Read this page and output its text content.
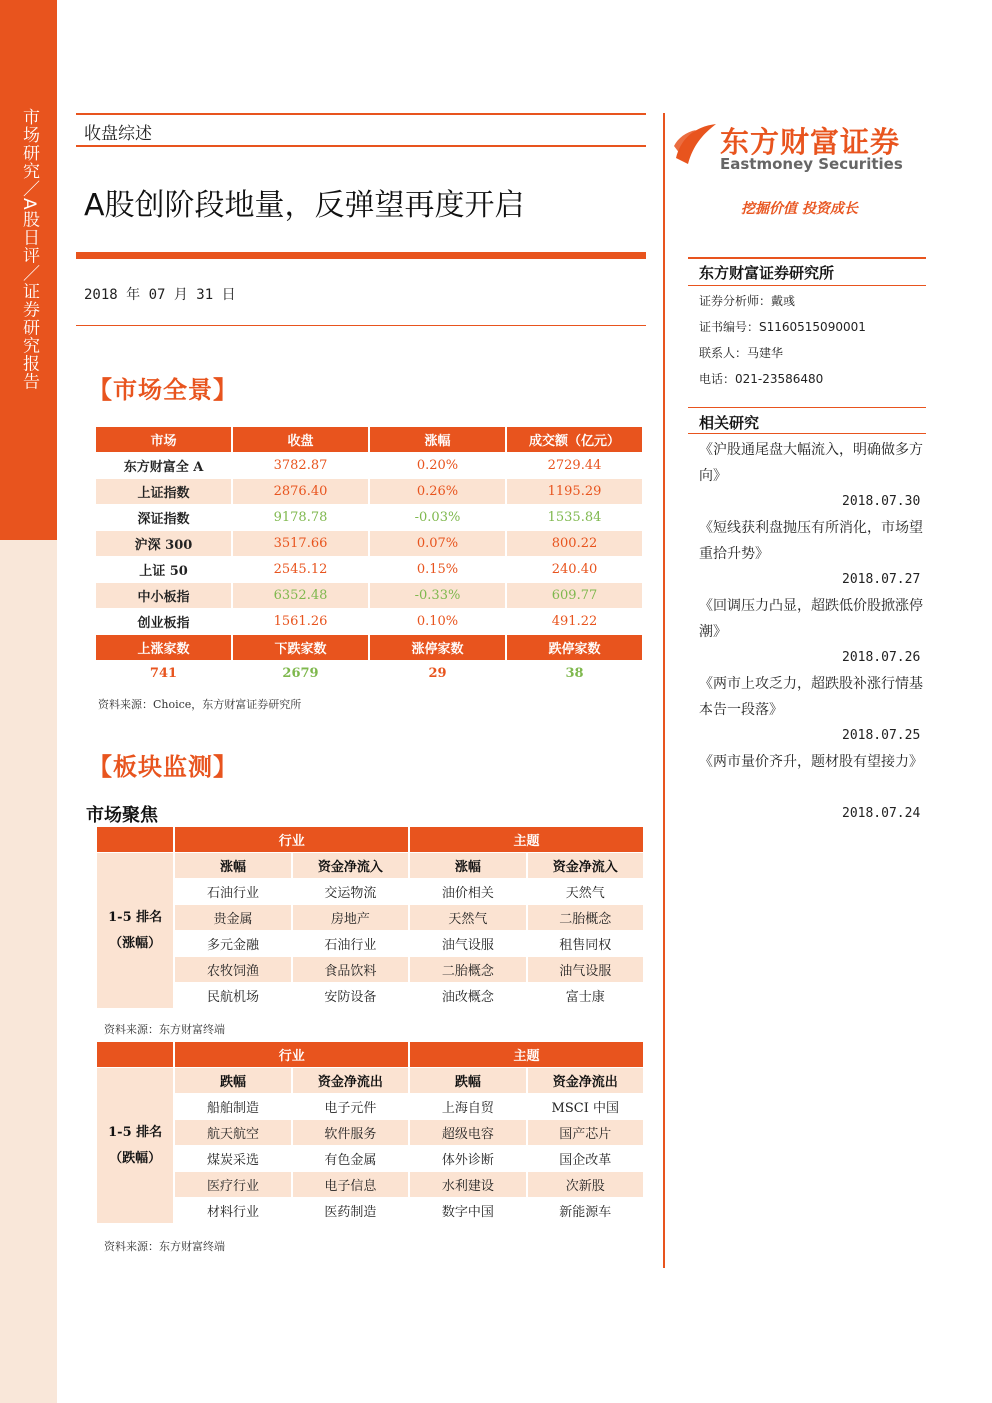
市场研究／A股日评／证券研究报告	收盘综述
A股创阶段地量，反弹望再度开启
2018 年 07 月 31 日
东方财富证券
Eastmoney Securities
挖掘价值 投资成长
东方财富证券研究所
证券分析师：戴彧
证书编号：S1160515090001
联系人：马建华
电话：021-23586480
相关研究
《沪股通尾盘大幅流入，明确做多方向》
2018.07.30
《短线获利盘抛压有所消化，市场望重拾升势》
2018.07.27
《回调压力凸显，超跌低价股掀涨停潮》
2018.07.26
《两市上攻乏力，超跌股补涨行情基本告一段落》
2018.07.25
《两市量价齐升，题材股有望接力》
2018.07.24
【市场全景】
市场	收盘	涨幅	成交额（亿元）
东方财富全 A	3782.87	0.20%	2729.44
上证指数	2876.40	0.26%	1195.29
深证指数	9178.78	-0.03%	1535.84
沪深 300	3517.66	0.07%	800.22
上证 50	2545.12	0.15%	240.40
中小板指	6352.48	-0.33%	609.77
创业板指	1561.26	0.10%	491.22
上涨家数	下跌家数	涨停家数	跌停家数
741	2679	29	38
资料来源：Choice，东方财富证券研究所
【板块监测】
市场聚焦
	行业		主题	

1-5 排名
（涨幅）	涨幅	资金净流入	涨幅	资金净流入
	石油行业	交运物流	油价相关	天然气
	贵金属	房地产	天然气	二胎概念
	多元金融	石油行业	油气设服	租售同权
	农牧饲渔	食品饮料	二胎概念	油气设服
	民航机场	安防设备	油改概念	富士康
资料来源：东方财富终端
	行业		主题	

1-5 排名
（跌幅）	跌幅	资金净流出	跌幅	资金净流出
	船舶制造	电子元件	上海自贸	MSCI 中国
	航天航空	软件服务	超级电容	国产芯片
	煤炭采选	有色金属	体外诊断	国企改革
	医疗行业	电子信息	水利建设	次新股
	材料行业	医药制造	数字中国	新能源车
资料来源：东方财富终端
